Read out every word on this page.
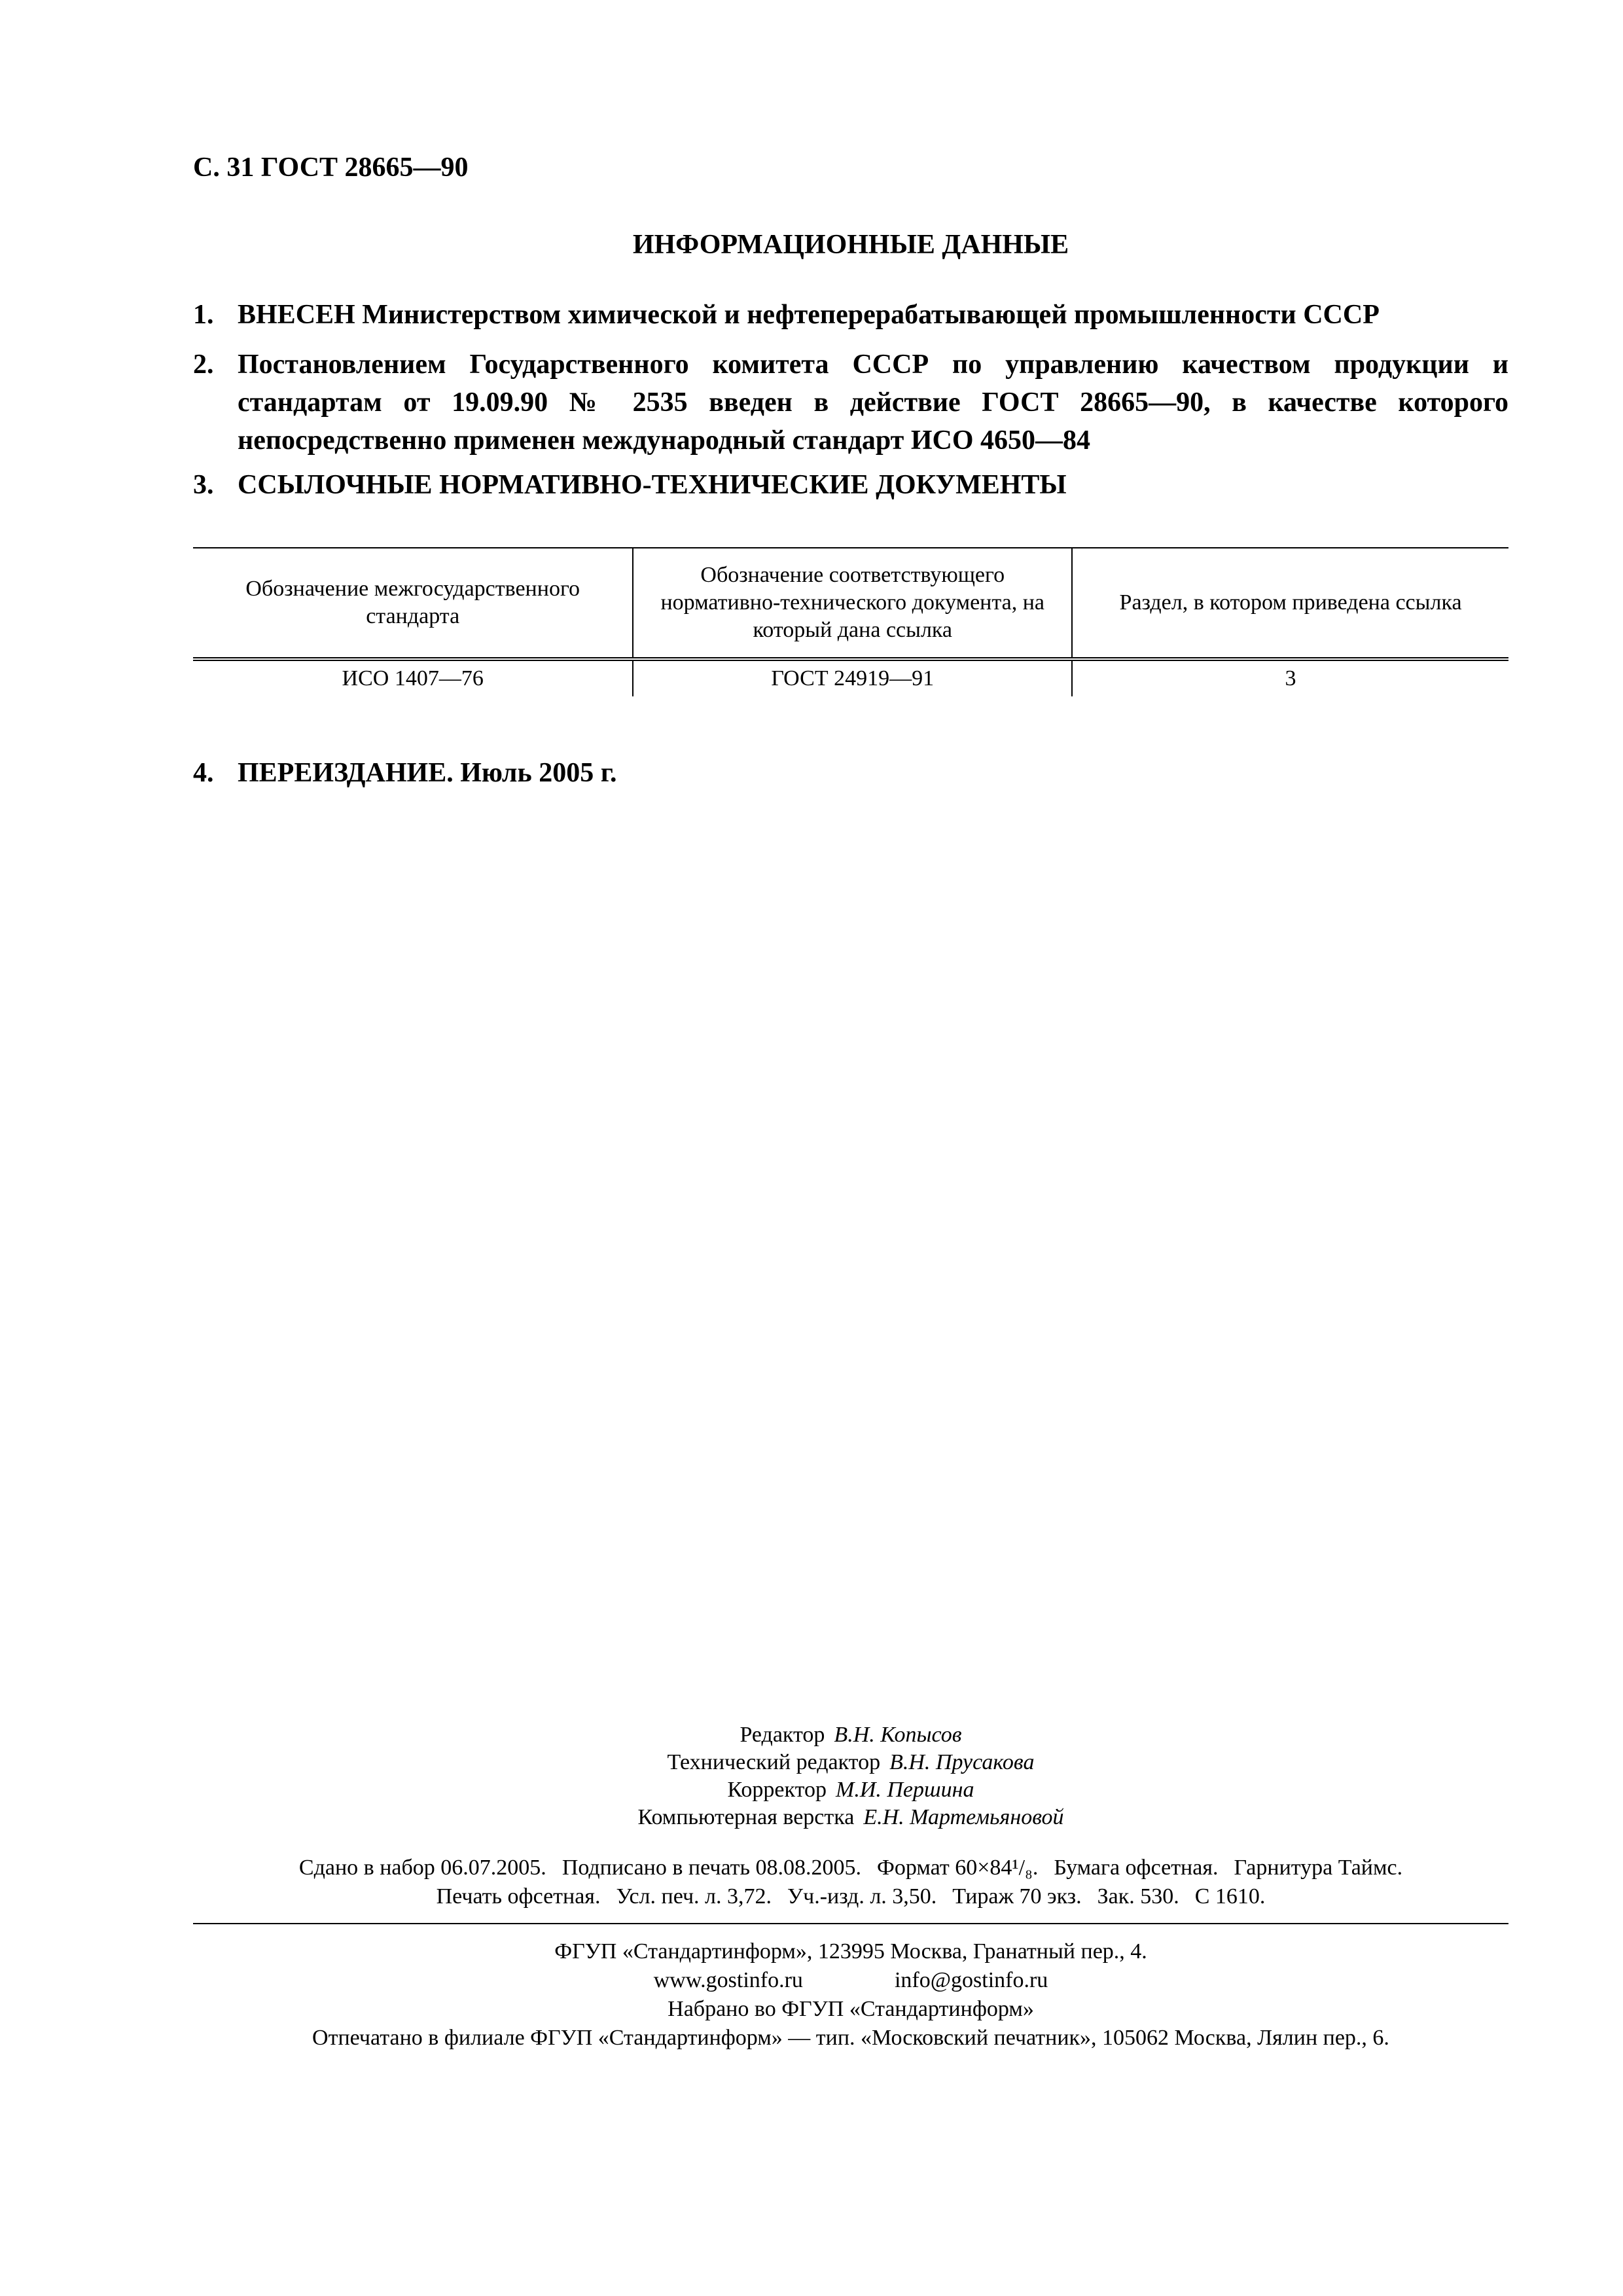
С. 31 ГОСТ 28665—90
ИНФОРМАЦИОННЫЕ ДАННЫЕ
1. ВНЕСЕН Министерством химической и нефтеперерабатывающей промышленности СССР
2. Постановлением Государственного комитета СССР по управлению качеством продукции и стандартам от 19.09.90 № 2535 введен в действие ГОСТ 28665—90, в качестве которого непосредственно применен международный стандарт ИСО 4650—84
3. ССЫЛОЧНЫЕ НОРМАТИВНО-ТЕХНИЧЕСКИЕ ДОКУМЕНТЫ
Обозначение межгосударственного стандарта	Обозначение соответствующего нормативно-технического документа, на который дана ссылка	Раздел, в котором приведена ссылка
ИСО 1407—76	ГОСТ 24919—91	3
4. ПЕРЕИЗДАНИЕ. Июль 2005 г.
Редактор В.Н. Копысов
Технический редактор В.Н. Прусакова
Корректор М.И. Першина
Компьютерная верстка Е.Н. Мартемьяновой
Сдано в набор 06.07.2005. Подписано в печать 08.08.2005. Формат 60×84¹/₈. Бумага офсетная. Гарнитура Таймс.
Печать офсетная. Усл. печ. л. 3,72. Уч.-изд. л. 3,50. Тираж 70 экз. Зак. 530. С 1610.
ФГУП «Стандартинформ», 123995 Москва, Гранатный пер., 4.
www.gostinfo.ru	info@gostinfo.ru
Набрано во ФГУП «Стандартинформ»
Отпечатано в филиале ФГУП «Стандартинформ» — тип. «Московский печатник», 105062 Москва, Лялин пер., 6.
